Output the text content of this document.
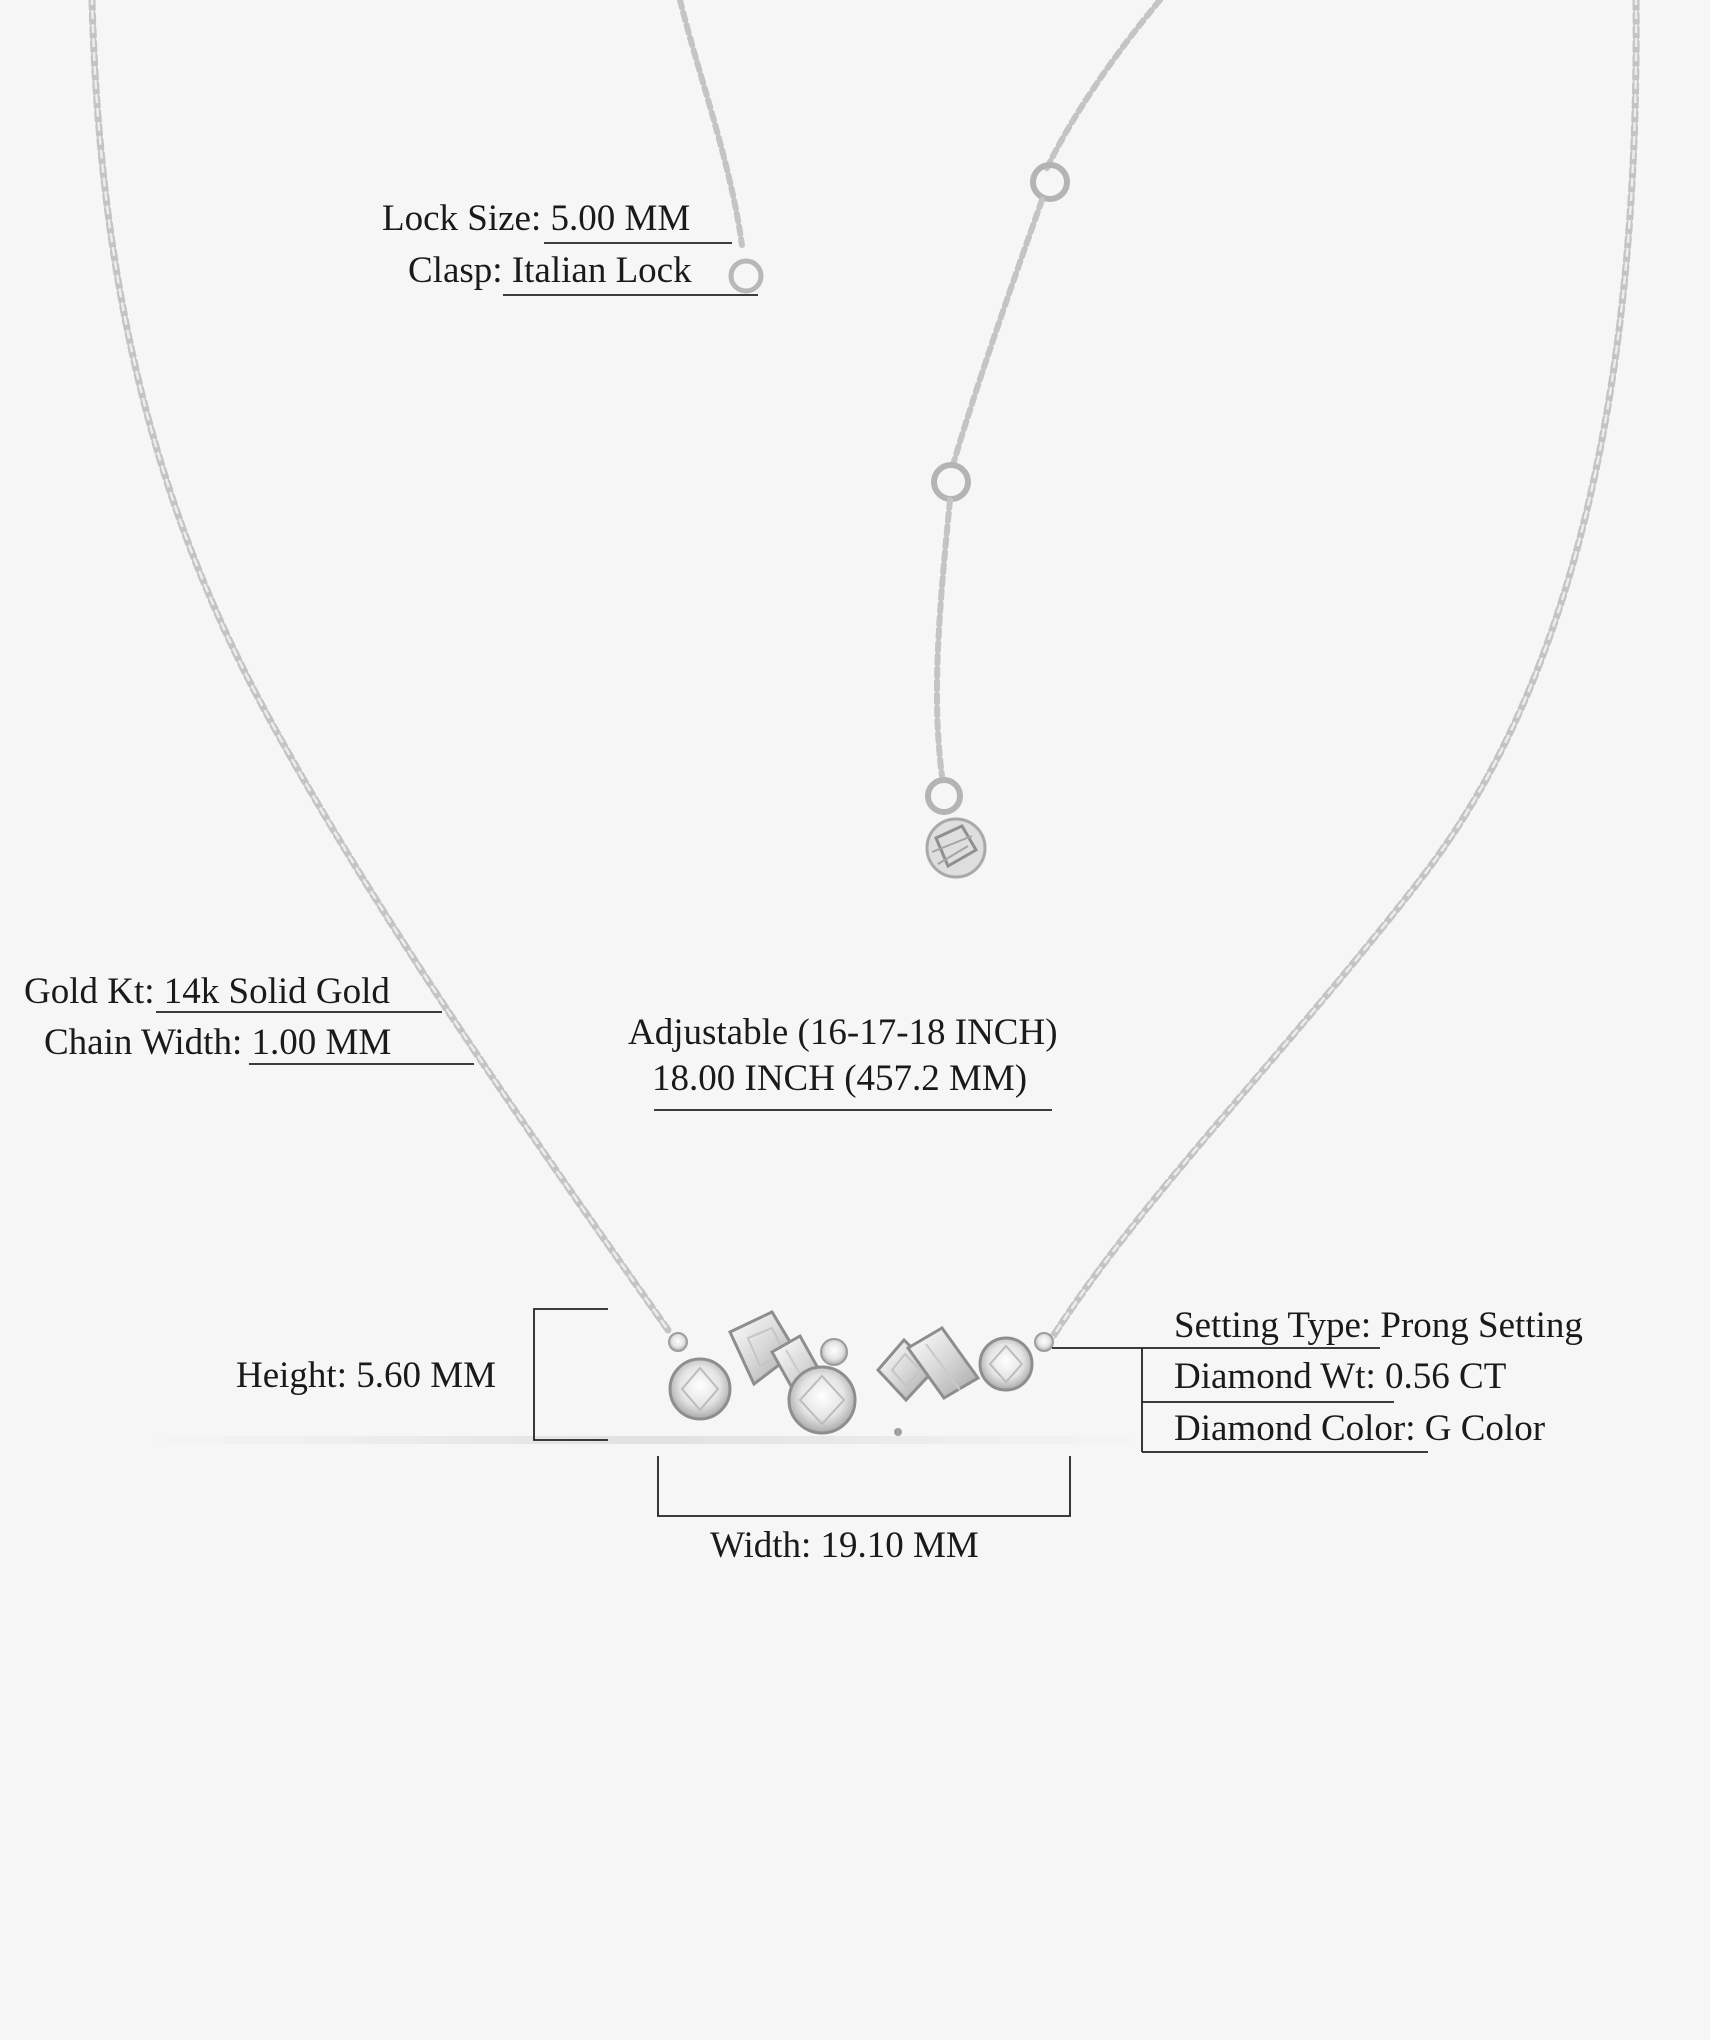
Lock Size: 5.00 MM
Clasp: Italian Lock
Gold Kt: 14k Solid Gold
Chain Width: 1.00 MM	Adjustable (16-17-18 INCH)
18.00 INCH (457.2 MM)
Height: 5.60 MM
Width: 19.10 MM
Setting Type: Prong Setting
Diamond Wt: 0.56 CT
Diamond Color: G Color
